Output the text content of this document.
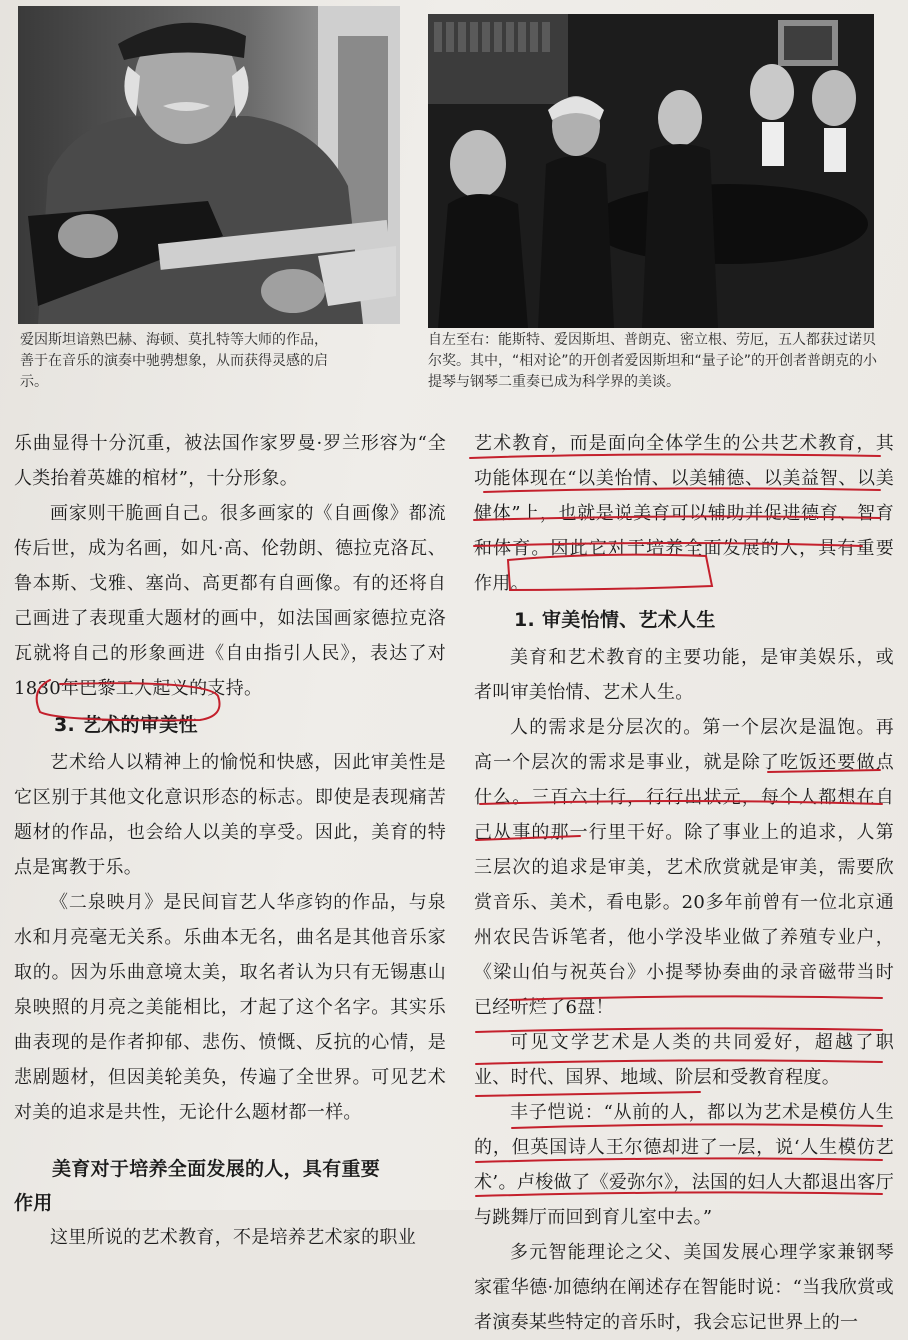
爱因斯坦谙熟巴赫、海顿、莫扎特等大师的作品，善于在音乐的演奏中驰骋想象，从而获得灵感的启示。
自左至右：能斯特、爱因斯坦、普朗克、密立根、劳厄，五人都获过诺贝尔奖。其中，“相对论”的开创者爱因斯坦和“量子论”的开创者普朗克的小提琴与钢琴二重奏已成为科学界的美谈。

乐曲显得十分沉重，被法国作家罗曼·罗兰形容为“全人类抬着英雄的棺材”，十分形象。

画家则干脆画自己。很多画家的《自画像》都流传后世，成为名画，如凡·高、伦勃朗、德拉克洛瓦、鲁本斯、戈雅、塞尚、高更都有自画像。有的还将自己画进了表现重大题材的画中，如法国画家德拉克洛瓦就将自己的形象画进《自由指引人民》，表达了对1830年巴黎工人起义的支持。

3. 艺术的审美性

艺术给人以精神上的愉悦和快感，因此审美性是它区别于其他文化意识形态的标志。即使是表现痛苦题材的作品，也会给人以美的享受。因此，美育的特点是寓教于乐。

《二泉映月》是民间盲艺人华彦钧的作品，与泉水和月亮毫无关系。乐曲本无名，曲名是其他音乐家取的。因为乐曲意境太美，取名者认为只有无锡惠山泉映照的月亮之美能相比，才起了这个名字。其实乐曲表现的是作者抑郁、悲伤、愤慨、反抗的心情，是悲剧题材，但因美轮美奂，传遍了全世界。可见艺术对美的追求是共性，无论什么题材都一样。

美育对于培养全面发展的人，具有重要
作用

这里所说的艺术教育，不是培养艺术家的职业

艺术教育，而是面向全体学生的公共艺术教育，其功能体现在“以美怡情、以美辅德、以美益智、以美健体”上，也就是说美育可以辅助并促进德育、智育和体育。因此它对于培养全面发展的人，具有重要作用。

1. 审美怡情、艺术人生

美育和艺术教育的主要功能，是审美娱乐，或者叫审美怡情、艺术人生。

人的需求是分层次的。第一个层次是温饱。再高一个层次的需求是事业，就是除了吃饭还要做点什么。三百六十行，行行出状元，每个人都想在自己从事的那一行里干好。除了事业上的追求，人第三层次的追求是审美，艺术欣赏就是审美，需要欣赏音乐、美术，看电影。20多年前曾有一位北京通州农民告诉笔者，他小学没毕业做了养殖专业户，《梁山伯与祝英台》小提琴协奏曲的录音磁带当时已经听烂了6盘！

可见文学艺术是人类的共同爱好，超越了职业、时代、国界、地域、阶层和受教育程度。

丰子恺说：“从前的人，都以为艺术是模仿人生的，但英国诗人王尔德却进了一层，说‘人生模仿艺术’。卢梭做了《爱弥尔》，法国的妇人大都退出客厅与跳舞厅而回到育儿室中去。”

多元智能理论之父、美国发展心理学家兼钢琴家霍华德·加德纳在阐述存在智能时说：“当我欣赏或者演奏某些特定的音乐时，我会忘记世界上的一
